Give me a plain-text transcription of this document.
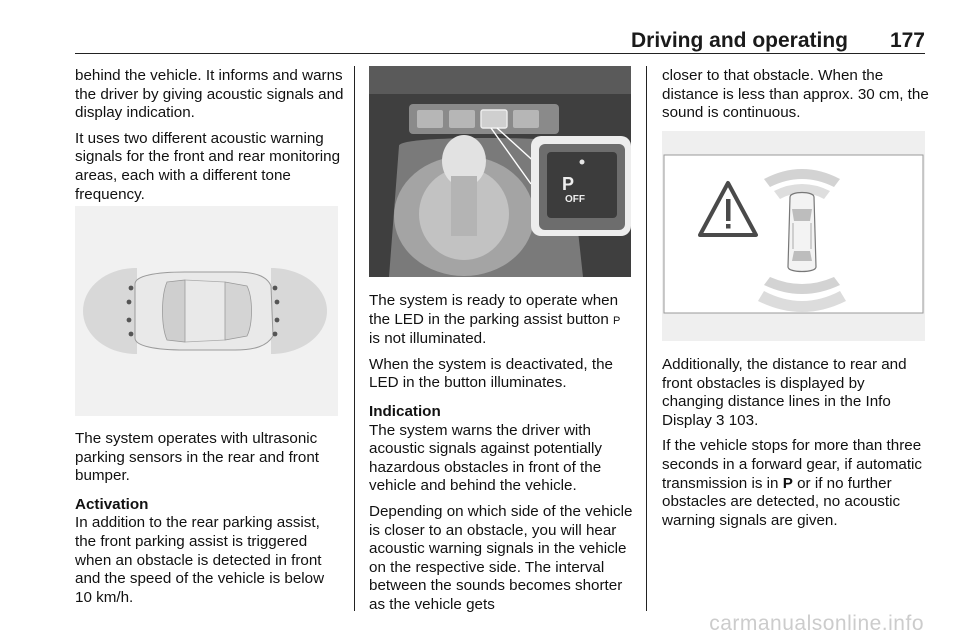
Driving and operating 177

behind the vehicle. It informs and warns the driver by giving acoustic signals and display indication.

It uses two different acoustic warning signals for the front and rear monitoring areas, each with a different tone frequency.

The system operates with ultrasonic parking sensors in the rear and front bumper.

Activation

In addition to the rear parking assist, the front parking assist is triggered when an obstacle is detected in front and the speed of the vehicle is below 10 km/h.

P
OFF

The system is ready to operate when the LED in the parking assist button P is not illuminated.

When the system is deactivated, the LED in the button illuminates.

Indication

The system warns the driver with acoustic signals against potentially hazardous obstacles in front of the vehicle and behind the vehicle.

Depending on which side of the vehicle is closer to an obstacle, you will hear acoustic warning signals in the vehicle on the respective side. The interval between the sounds becomes shorter as the vehicle gets

closer to that obstacle. When the distance is less than approx. 30 cm, the sound is continuous.

Additionally, the distance to rear and front obstacles is displayed by changing distance lines in the Info Display 3 103.

If the vehicle stops for more than three seconds in a forward gear, if automatic transmission is in P or if no further obstacles are detected, no acoustic warning signals are given.

carmanualsonline.info
